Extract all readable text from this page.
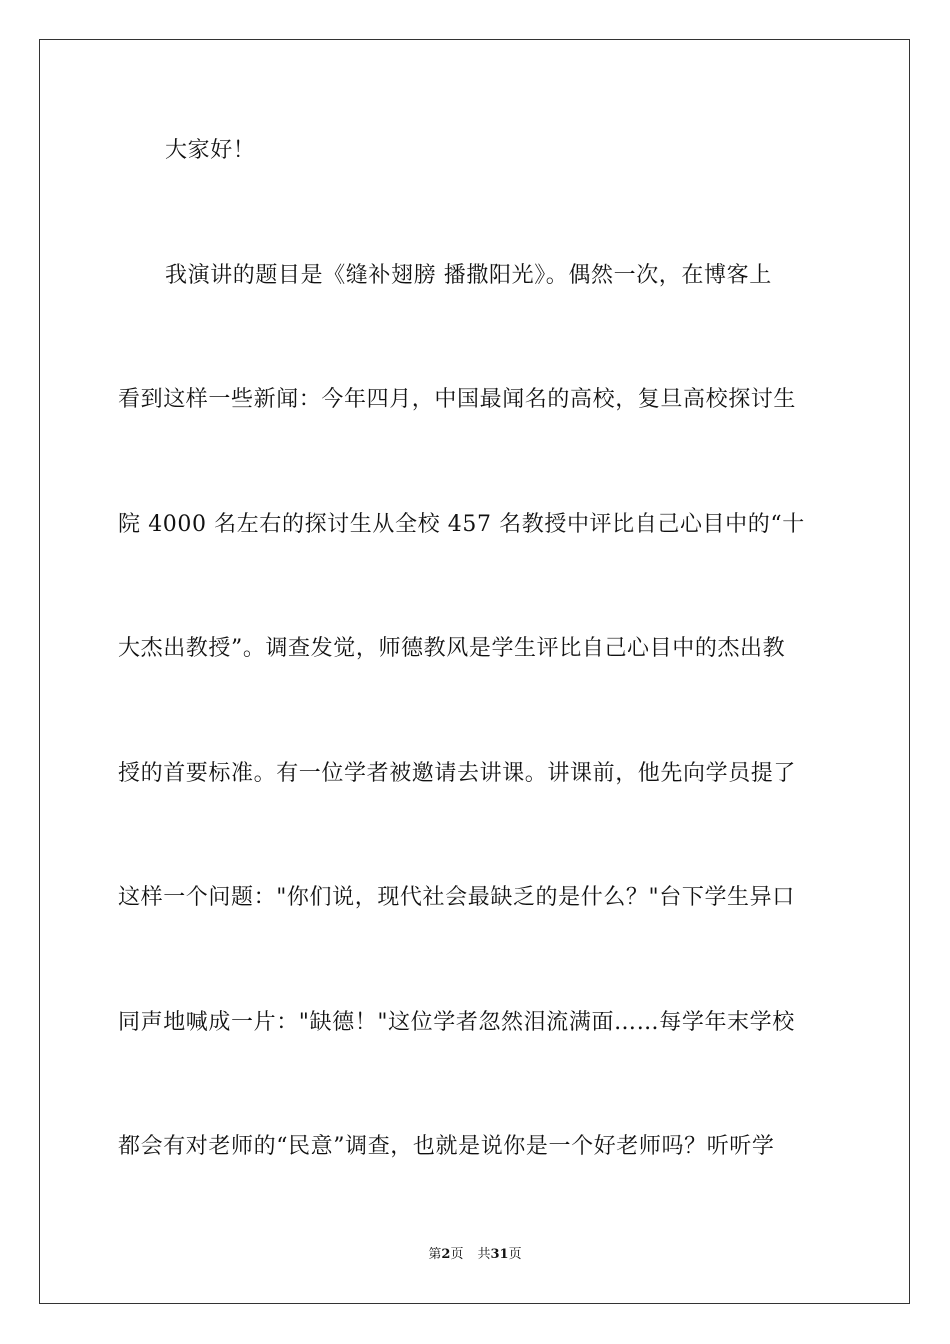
大家好！
我演讲的题目是《缝补翅膀 播撒阳光》。偶然一次，在博客上
看到这样一些新闻：今年四月，中国最闻名的高校，复旦高校探讨生
院 4000 名左右的探讨生从全校 457 名教授中评比自己心目中的“十
大杰出教授”。调查发觉，师德教风是学生评比自己心目中的杰出教
授的首要标准。有一位学者被邀请去讲课。讲课前，他先向学员提了
这样一个问题："你们说，现代社会最缺乏的是什么？"台下学生异口
同声地喊成一片："缺德！"这位学者忽然泪流满面……每学年末学校
都会有对老师的“民意”调查，也就是说你是一个好老师吗？听听学
第2页 共31页
